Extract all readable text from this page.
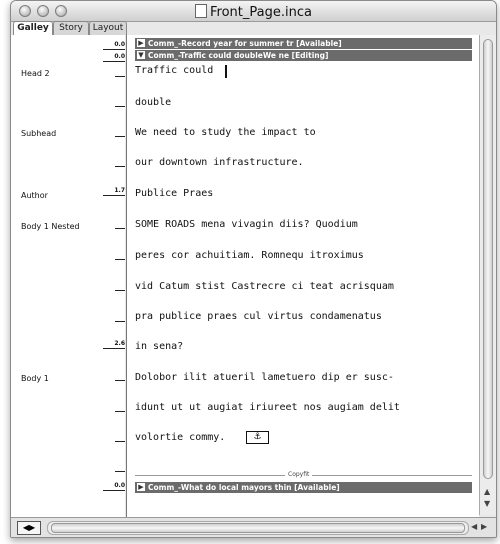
Front_Page.inca
Galley	Story	Layout
Head 2
Subhead
Author
Body 1 Nested
Body 1
0.0
0.0
1.7
2.6
0.0
▶ Comm_-Record year for summer tr [Available]
▼ Comm_-Traffic could doubleWe ne [Editing]
Traffic could
double
We need to study the impact to
our downtown infrastructure.
Publice Praes
SOME ROADS mena vivagin diis? Quodium
peres cor achuitiam. Romnequ itroximus
vid Catum stist Castrecre ci teat acrisquam
pra publice praes cul virtus condamenatus
in sena?
Dolobor ilit atueril lametuero dip er susc-
idunt ut ut augiat iriureet nos augiam delit
volortie commy.	⚓
Copyfit
▶ Comm_-What do local mayors thin [Available]	▲
▼
◀▶	◀ ▶
